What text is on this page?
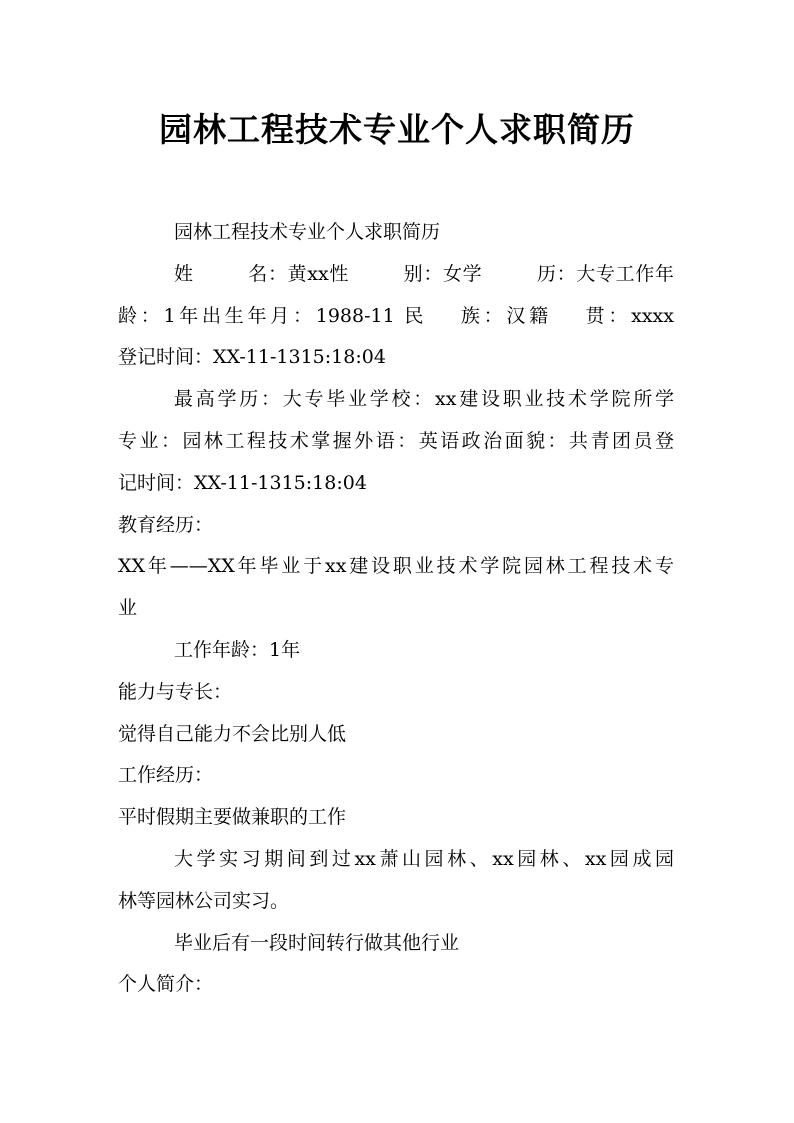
园林工程技术专业个人求职简历
园林工程技术专业个人求职简历
姓	名：黄xx性	别：女学	历：大专工作年
龄：1年出生年月：1988-11 民 族：汉籍 贯：xxxx
登记时间：XX-11-1315:18:04
最高学历：大专毕业学校：xx建设职业技术学院所学
专业：园林工程技术掌握外语：英语政治面貌：共青团员登
记时间：XX-11-1315:18:04
教育经历：
XX年——XX年毕业于xx建设职业技术学院园林工程技术专
业
工作年龄：1年
能力与专长：
觉得自己能力不会比别人低
工作经历：
平时假期主要做兼职的工作
大学实习期间到过xx萧山园林、xx园林、xx园成园
林等园林公司实习。
毕业后有一段时间转行做其他行业
个人简介：
